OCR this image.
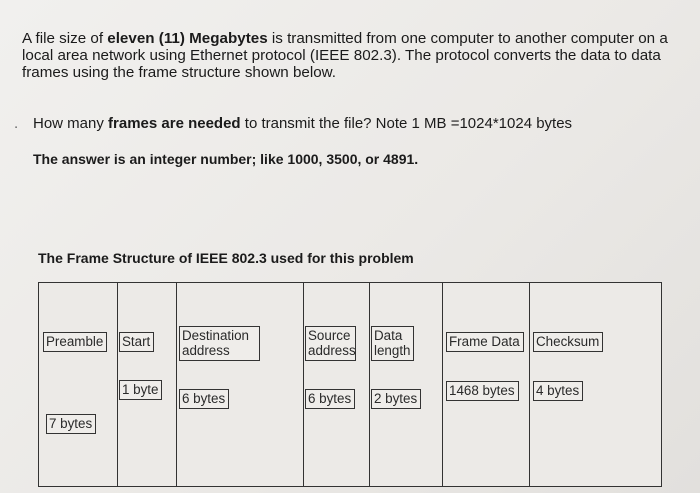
A file size of eleven (11) Megabytes is transmitted from one computer to another computer on a local area network using Ethernet protocol (IEEE 802.3). The protocol converts the data to data frames using the frame structure shown below.
. How many frames are needed to transmit the file? Note 1 MB =1024*1024 bytes
The answer is an integer number; like 1000, 3500, or 4891.
The Frame Structure of IEEE 802.3 used for this problem
Preamble Start Destination address
Source address
Data length
Frame Data Checksum
7 bytes
1 byte
6 bytes	6 bytes 2 bytes
1468 bytes 4 bytes
